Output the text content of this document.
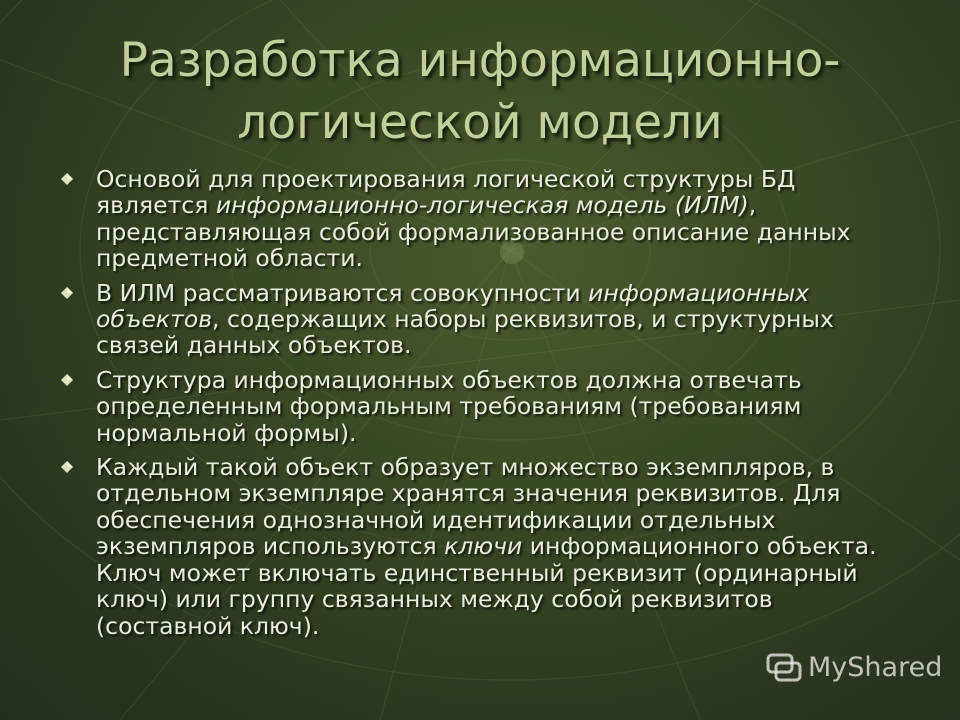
Разработка информационно-
логической модели
Основой для проектирования логической структуры БД является информационно-логическая модель (ИЛМ), представляющая собой формализованное описание данных предметной области.
В ИЛМ рассматриваются совокупности информационных объектов, содержащих наборы реквизитов, и структурных связей данных объектов.
Структура информационных объектов должна отвечать определенным формальным требованиям (требованиям нормальной формы).
Каждый такой объект образует множество экземпляров, в отдельном экземпляре хранятся значения реквизитов. Для обеспечения однозначной идентификации отдельных экземпляров используются ключи информационного объекта. Ключ может включать единственный реквизит (ординарный ключ) или группу связанных между собой реквизитов (составной ключ).
MyShared
